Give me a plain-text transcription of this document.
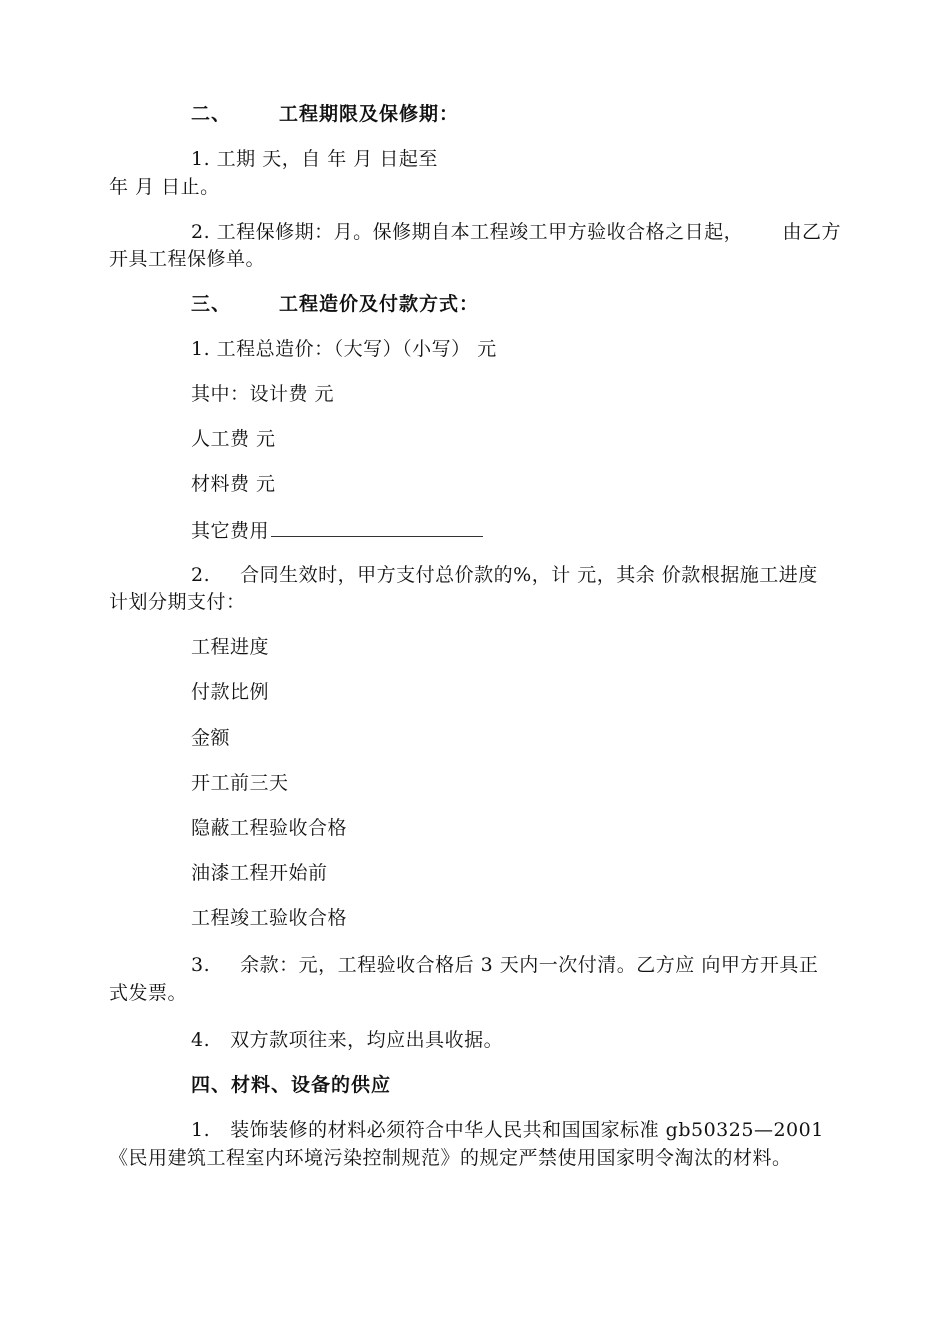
二、	工程期限及保修期：
1. 工期 天，自 年 月 日起至
年 月 日止。
2. 工程保修期：月。保修期自本工程竣工甲方验收合格之日起， 由乙方
开具工程保修单。
三、	工程造价及付款方式：
1. 工程总造价：（大写）（小写） 元
其中：设计费 元
人工费 元
材料费 元
其它费用
2. 合同生效时，甲方支付总价款的%，计 元，其余 价款根据施工进度
计划分期支付：
工程进度
付款比例
金额
开工前三天
隐蔽工程验收合格
油漆工程开始前
工程竣工验收合格
3. 余款：元，工程验收合格后 3 天内一次付清。乙方应 向甲方开具正
式发票。
4. 双方款项往来，均应出具收据。
四、材料、设备的供应
1. 装饰装修的材料必须符合中华人民共和国国家标准 gb50325—2001
《民用建筑工程室内环境污染控制规范》的规定严禁使用国家明令淘汰的材料。
